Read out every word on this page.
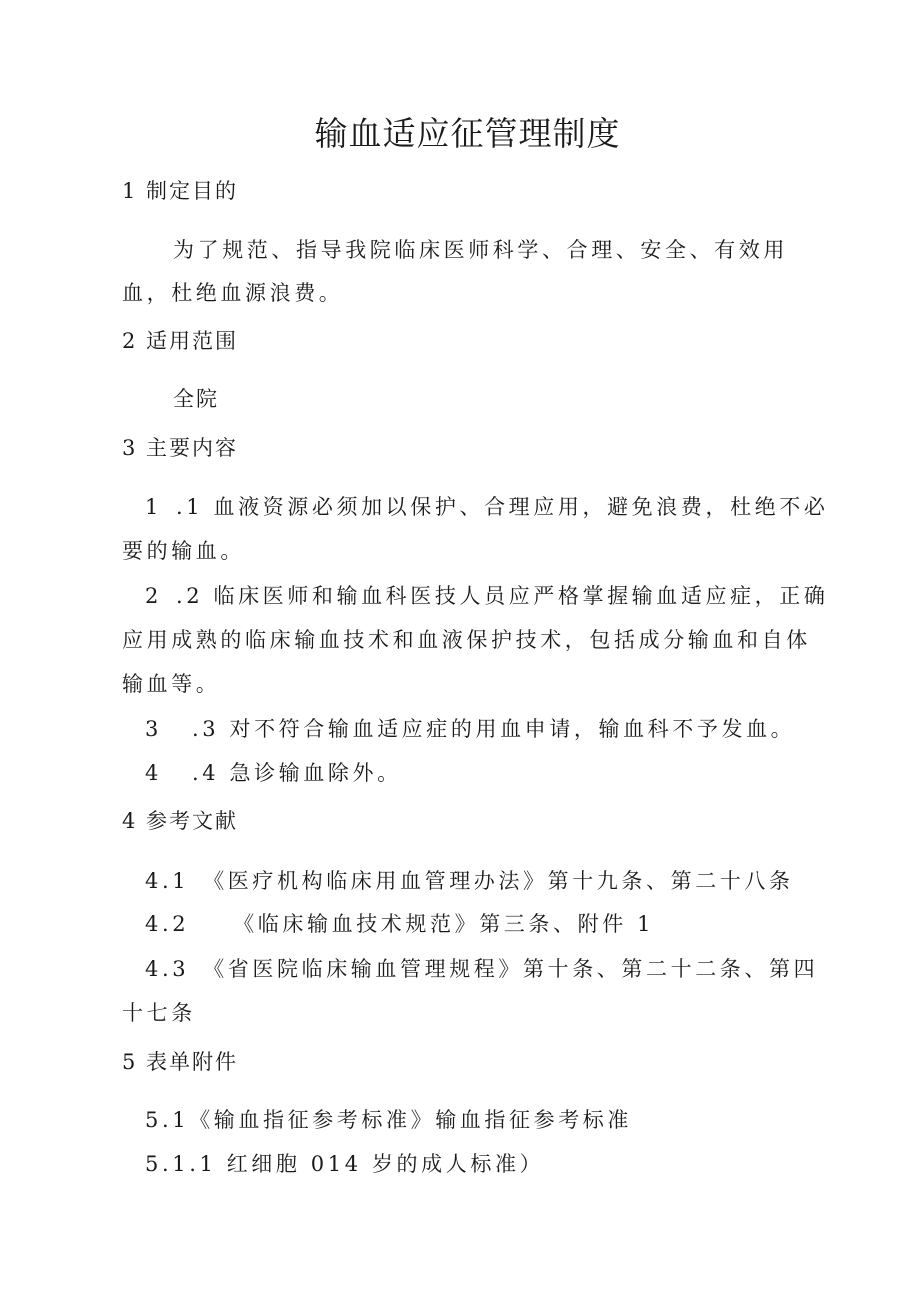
输血适应征管理制度

1 制定目的

为了规范、指导我院临床医师科学、合理、安全、有效用

血，杜绝血源浪费。

2 适用范围

全院

3 主要内容

1 .1 血液资源必须加以保护、合理应用，避免浪费，杜绝不必

要的输血。

2 .2 临床医师和输血科医技人员应严格掌握输血适应症，正确

应用成熟的临床输血技术和血液保护技术，包括成分输血和自体

输血等。

3 .3 对不符合输血适应症的用血申请，输血科不予发血。

4 .4 急诊输血除外。

4 参考文献

4.1 《医疗机构临床用血管理办法》第十九条、第二十八条

4.2 《临床输血技术规范》第三条、附件 1

4.3 《省医院临床输血管理规程》第十条、第二十二条、第四

十七条

5 表单附件

5.1《输血指征参考标准》输血指征参考标准

5.1.1 红细胞 014 岁的成人标准）
